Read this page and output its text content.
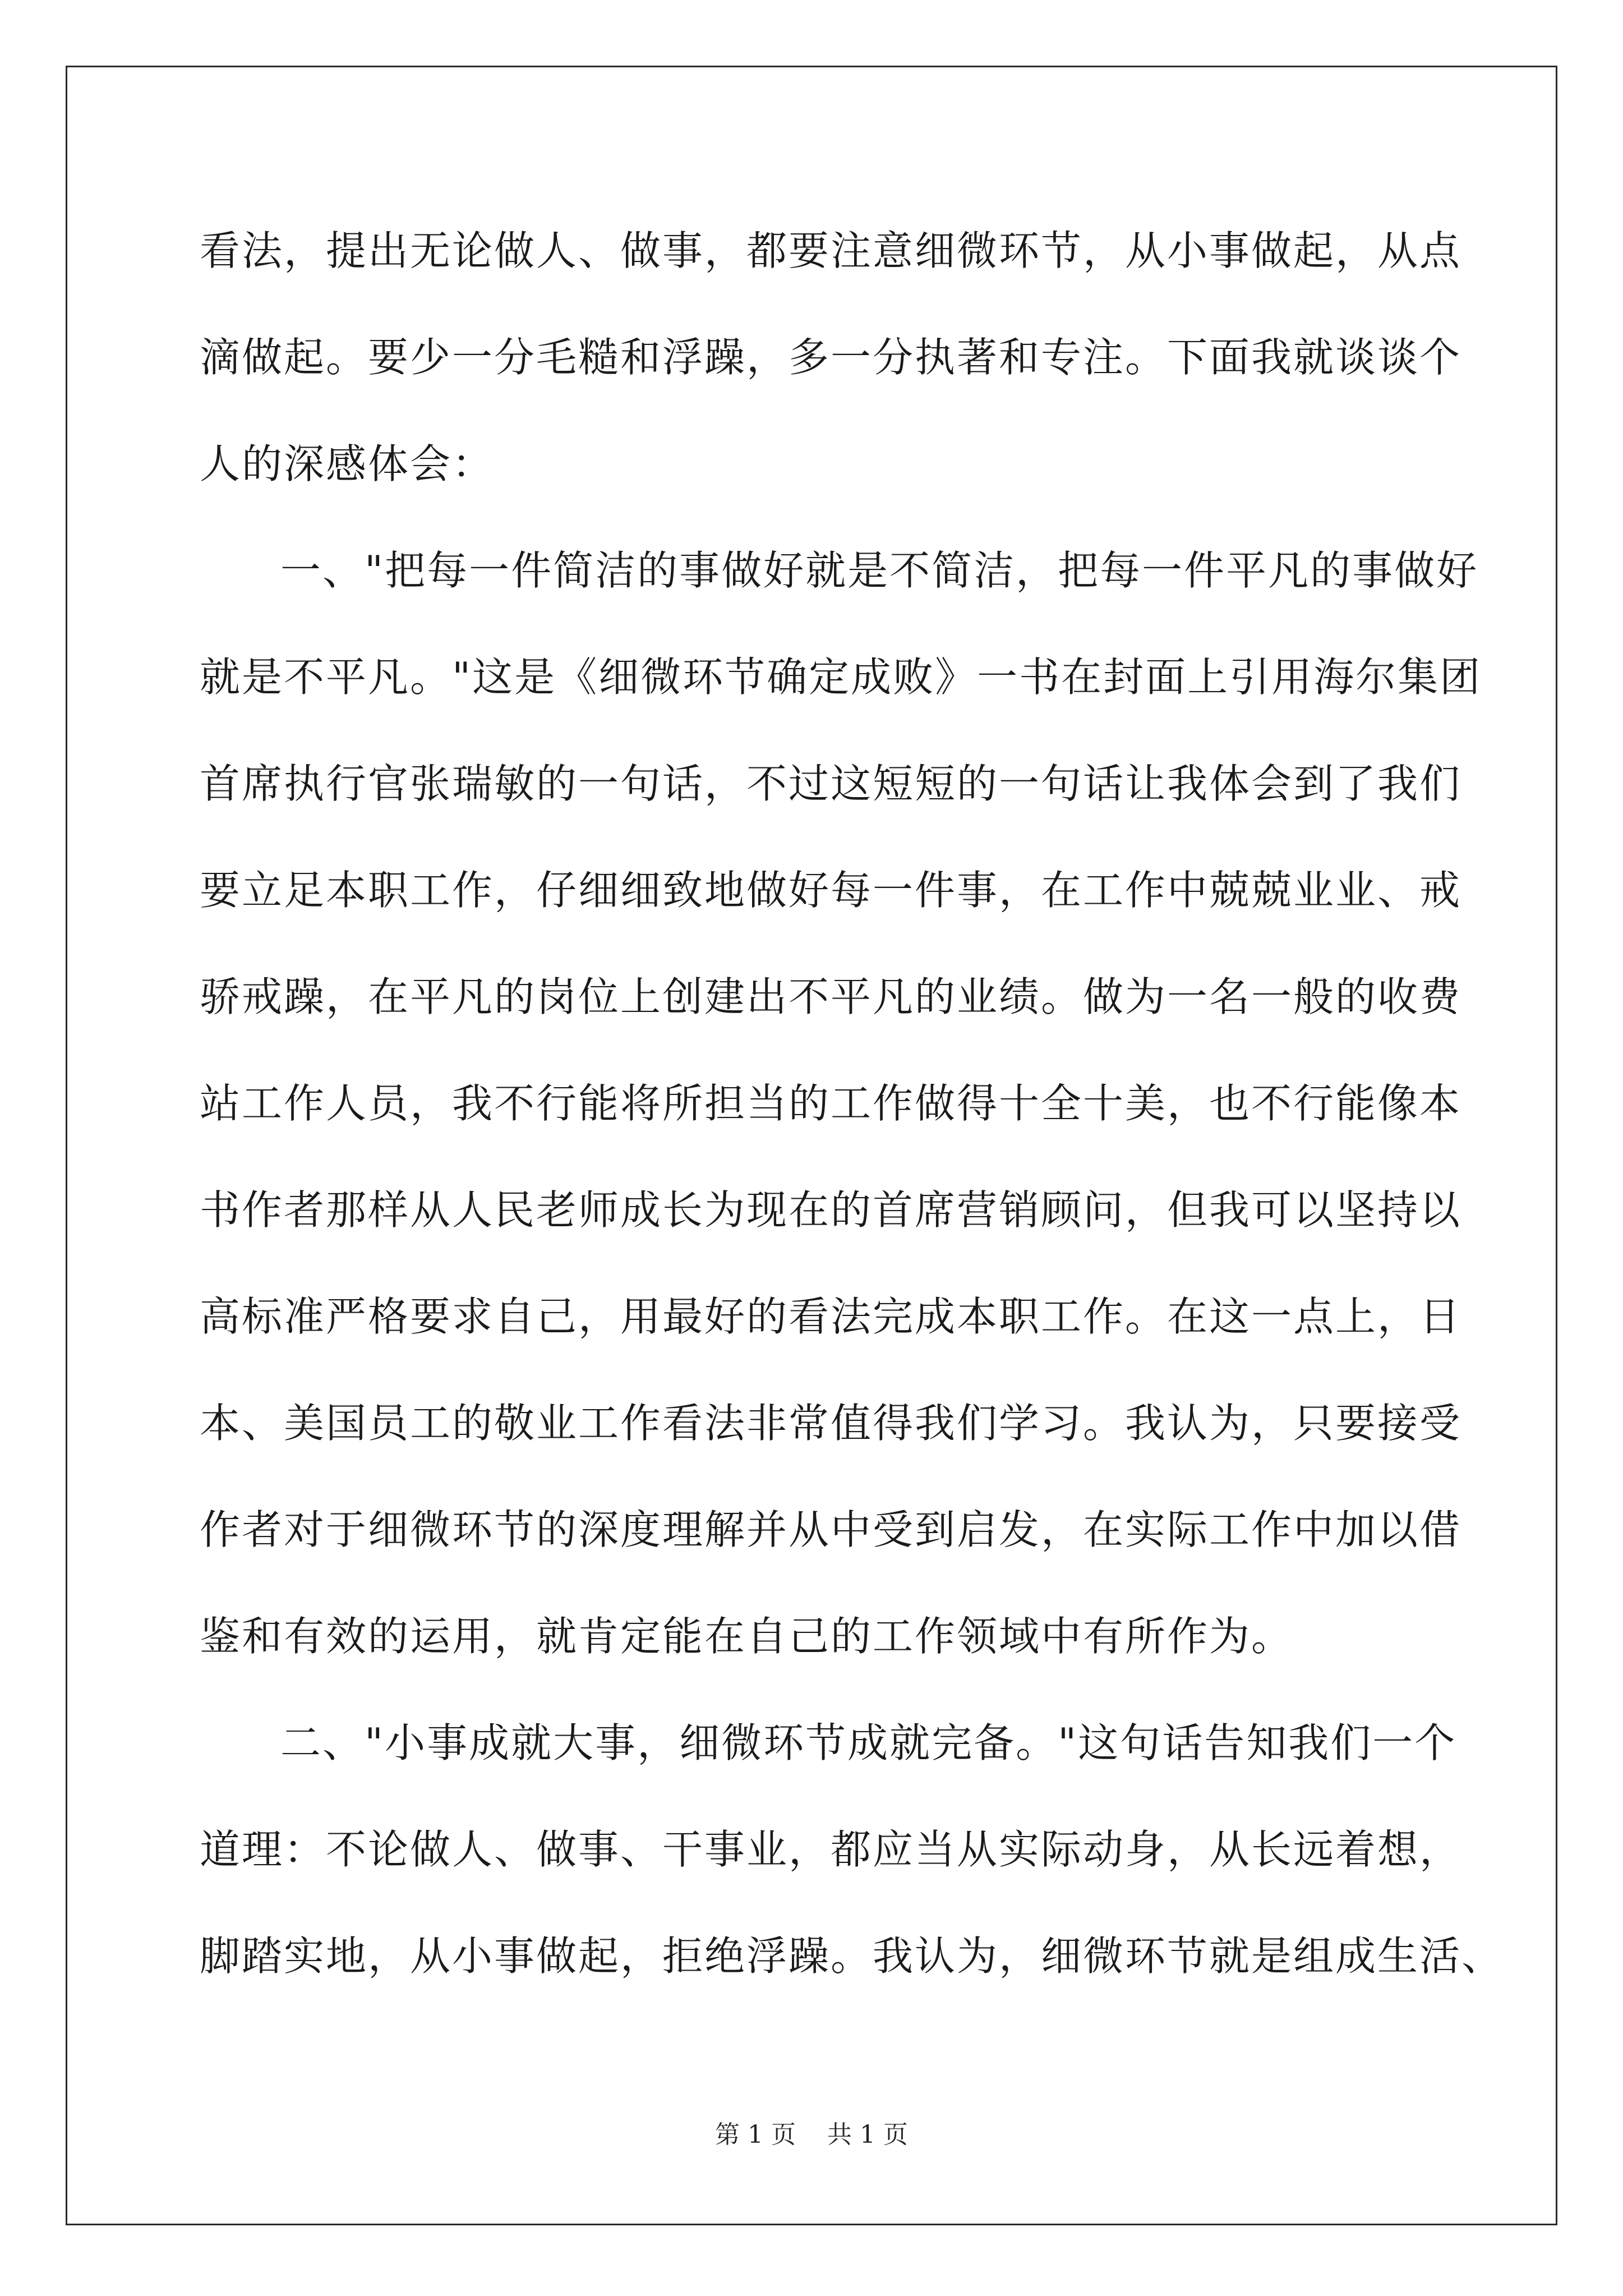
看法，提出无论做人、做事，都要注意细微环节，从小事做起，从点
滴做起。要少一分毛糙和浮躁，多一分执著和专注。下面我就谈谈个
人的深感体会：
一、"把每一件简洁的事做好就是不简洁，把每一件平凡的事做好
就是不平凡。"这是《细微环节确定成败》一书在封面上引用海尔集团
首席执行官张瑞敏的一句话，不过这短短的一句话让我体会到了我们
要立足本职工作，仔细细致地做好每一件事，在工作中兢兢业业、戒
骄戒躁，在平凡的岗位上创建出不平凡的业绩。做为一名一般的收费
站工作人员，我不行能将所担当的工作做得十全十美，也不行能像本
书作者那样从人民老师成长为现在的首席营销顾问，但我可以坚持以
高标准严格要求自己，用最好的看法完成本职工作。在这一点上，日
本、美国员工的敬业工作看法非常值得我们学习。我认为，只要接受
作者对于细微环节的深度理解并从中受到启发，在实际工作中加以借
鉴和有效的运用，就肯定能在自己的工作领域中有所作为。
二、"小事成就大事，细微环节成就完备。"这句话告知我们一个
道理：不论做人、做事、干事业，都应当从实际动身，从长远着想，
脚踏实地，从小事做起，拒绝浮躁。我认为，细微环节就是组成生活、
第 1 页    共 1 页
